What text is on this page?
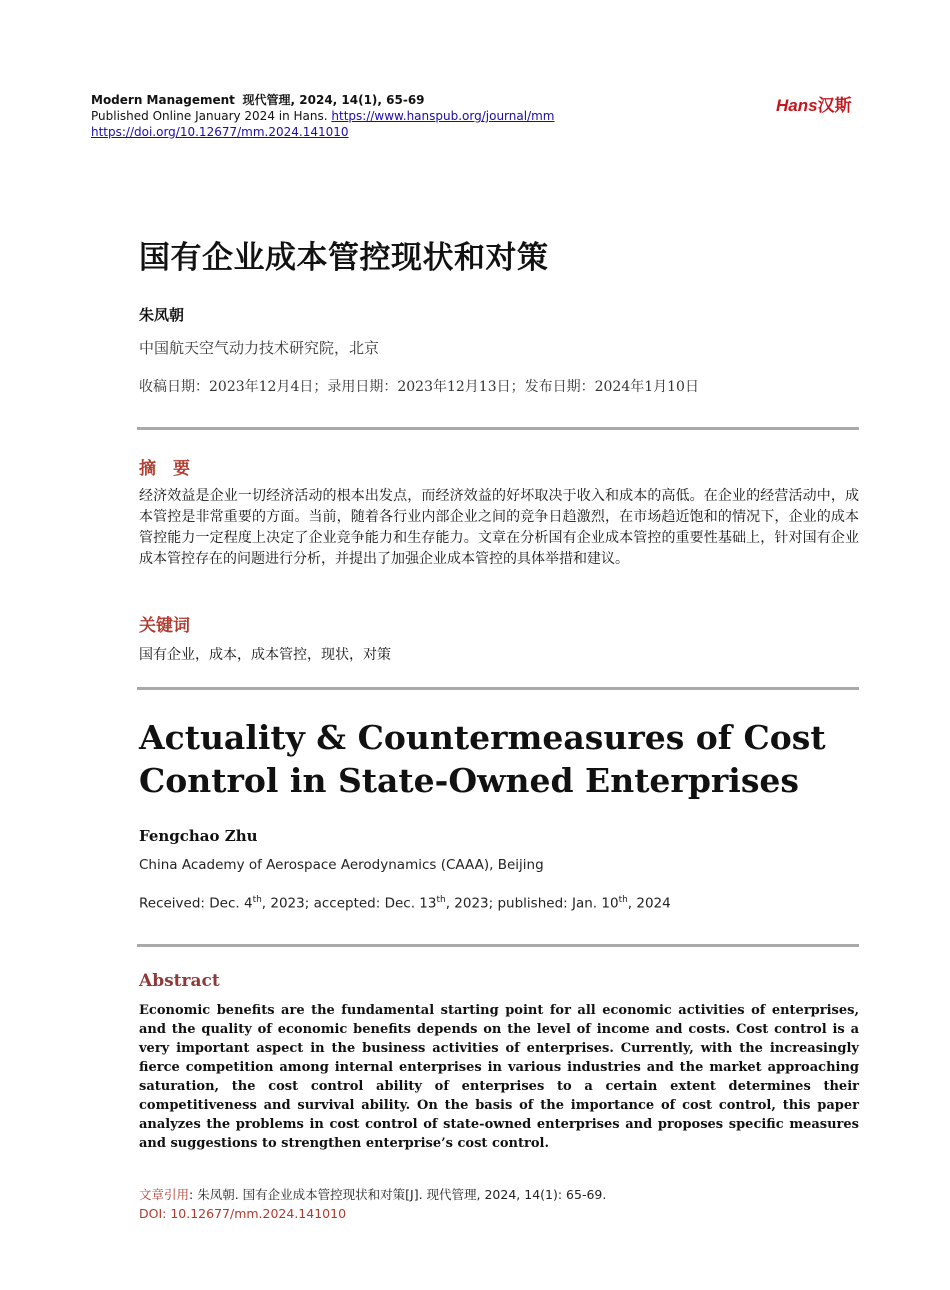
Modern Management 现代管理, 2024, 14(1), 65-69
Published Online January 2024 in Hans. https://www.hanspub.org/journal/mm
https://doi.org/10.12677/mm.2024.141010
Hans汉斯
国有企业成本管控现状和对策
朱凤朝
中国航天空气动力技术研究院，北京
收稿日期：2023年12月4日；录用日期：2023年12月13日；发布日期：2024年1月10日
摘　要
经济效益是企业一切经济活动的根本出发点，而经济效益的好坏取决于收入和成本的高低。在企业的经营活动中，成本管控是非常重要的方面。当前，随着各行业内部企业之间的竞争日趋激烈，在市场趋近饱和的情况下，企业的成本管控能力一定程度上决定了企业竞争能力和生存能力。文章在分析国有企业成本管控的重要性基础上，针对国有企业成本管控存在的问题进行分析，并提出了加强企业成本管控的具体举措和建议。
关键词
国有企业，成本，成本管控，现状，对策
Actuality & Countermeasures of Cost Control in State-Owned Enterprises
Fengchao Zhu
China Academy of Aerospace Aerodynamics (CAAA), Beijing
Received: Dec. 4th, 2023; accepted: Dec. 13th, 2023; published: Jan. 10th, 2024
Abstract
Economic benefits are the fundamental starting point for all economic activities of enterprises, and the quality of economic benefits depends on the level of income and costs. Cost control is a very important aspect in the business activities of enterprises. Currently, with the increasingly fierce competition among internal enterprises in various industries and the market approaching saturation, the cost control ability of enterprises to a certain extent determines their competitiveness and survival ability. On the basis of the importance of cost control, this paper analyzes the problems in cost control of state-owned enterprises and proposes specific measures and suggestions to strengthen enterprise’s cost control.
文章引用: 朱凤朝. 国有企业成本管控现状和对策[J]. 现代管理, 2024, 14(1): 65-69.
DOI: 10.12677/mm.2024.141010
